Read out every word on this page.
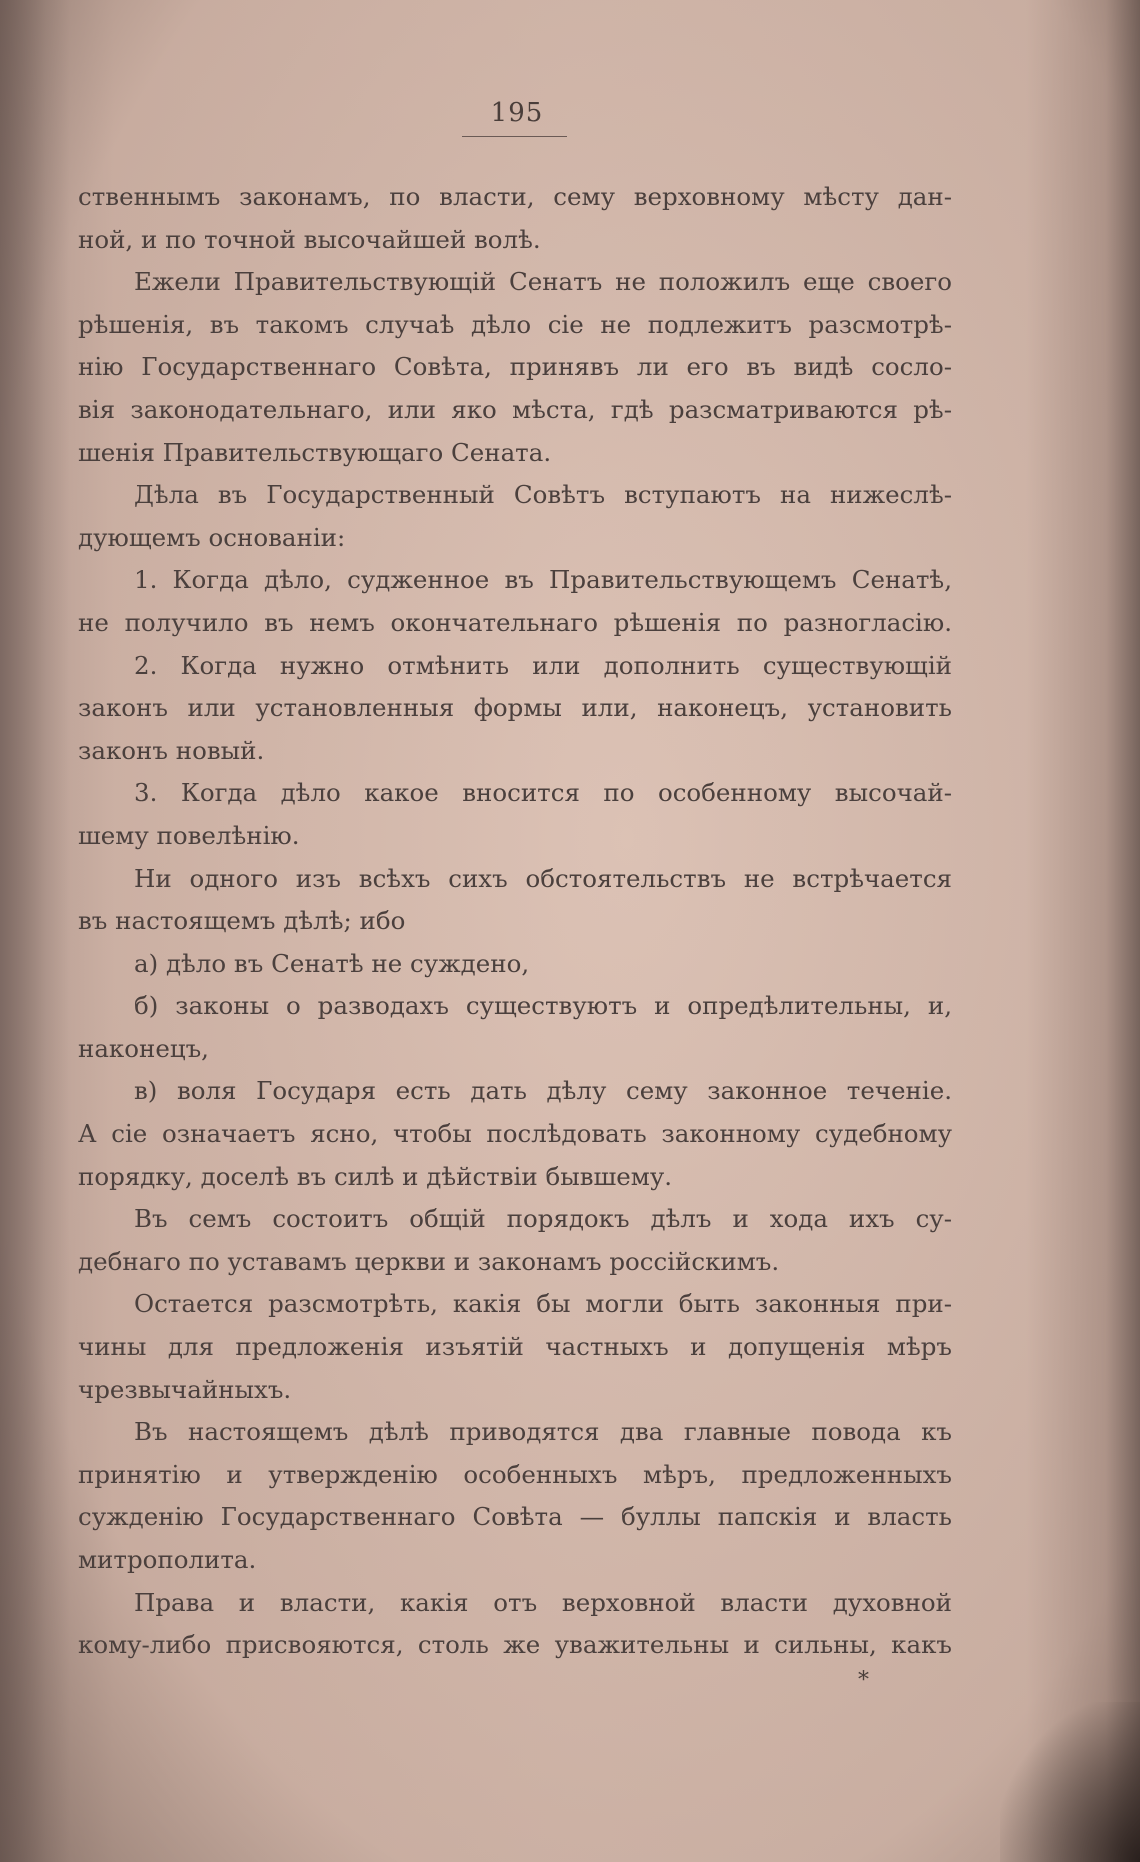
195
ственнымъ законамъ, по власти, сему верховному мѣсту дан-
ной, и по точной высочайшей волѣ.
Ежели Правительствующій Сенатъ не положилъ еще своего
рѣшенія, въ такомъ случаѣ дѣло сіе не подлежитъ разсмотрѣ-
нію Государственнаго Совѣта, принявъ ли его въ видѣ сосло-
вія законодательнаго, или яко мѣста, гдѣ разсматриваются рѣ-
шенія Правительствующаго Сената.
Дѣла въ Государственный Совѣтъ вступаютъ на нижеслѣ-
дующемъ основаніи:
1. Когда дѣло, судженное въ Правительствующемъ Сенатѣ,
не получило въ немъ окончательнаго рѣшенія по разногласію.
2. Когда нужно отмѣнить или дополнить существующій
законъ или установленныя формы или, наконецъ, установить
законъ новый.
3. Когда дѣло какое вносится по особенному высочай-
шему повелѣнію.
Ни одного изъ всѣхъ сихъ обстоятельствъ не встрѣчается
въ настоящемъ дѣлѣ; ибо
а) дѣло въ Сенатѣ не суждено,
б) законы о разводахъ существуютъ и опредѣлительны, и,
наконецъ,
в) воля Государя есть дать дѣлу сему законное теченіе.
А сіе означаетъ ясно, чтобы послѣдовать законному судебному
порядку, доселѣ въ силѣ и дѣйствіи бывшему.
Въ семъ состоитъ общій порядокъ дѣлъ и хода ихъ су-
дебнаго по уставамъ церкви и законамъ россійскимъ.
Остается разсмотрѣть, какія бы могли быть законныя при-
чины для предложенія изъятій частныхъ и допущенія мѣръ
чрезвычайныхъ.
Въ настоящемъ дѣлѣ приводятся два главные повода къ
принятію и утвержденію особенныхъ мѣръ, предложенныхъ
сужденію Государственнаго Совѣта — буллы папскія и власть
митрополита.
Права и власти, какія отъ верховной власти духовной
кому-либо присвояются, столь же уважительны и сильны, какъ
*
